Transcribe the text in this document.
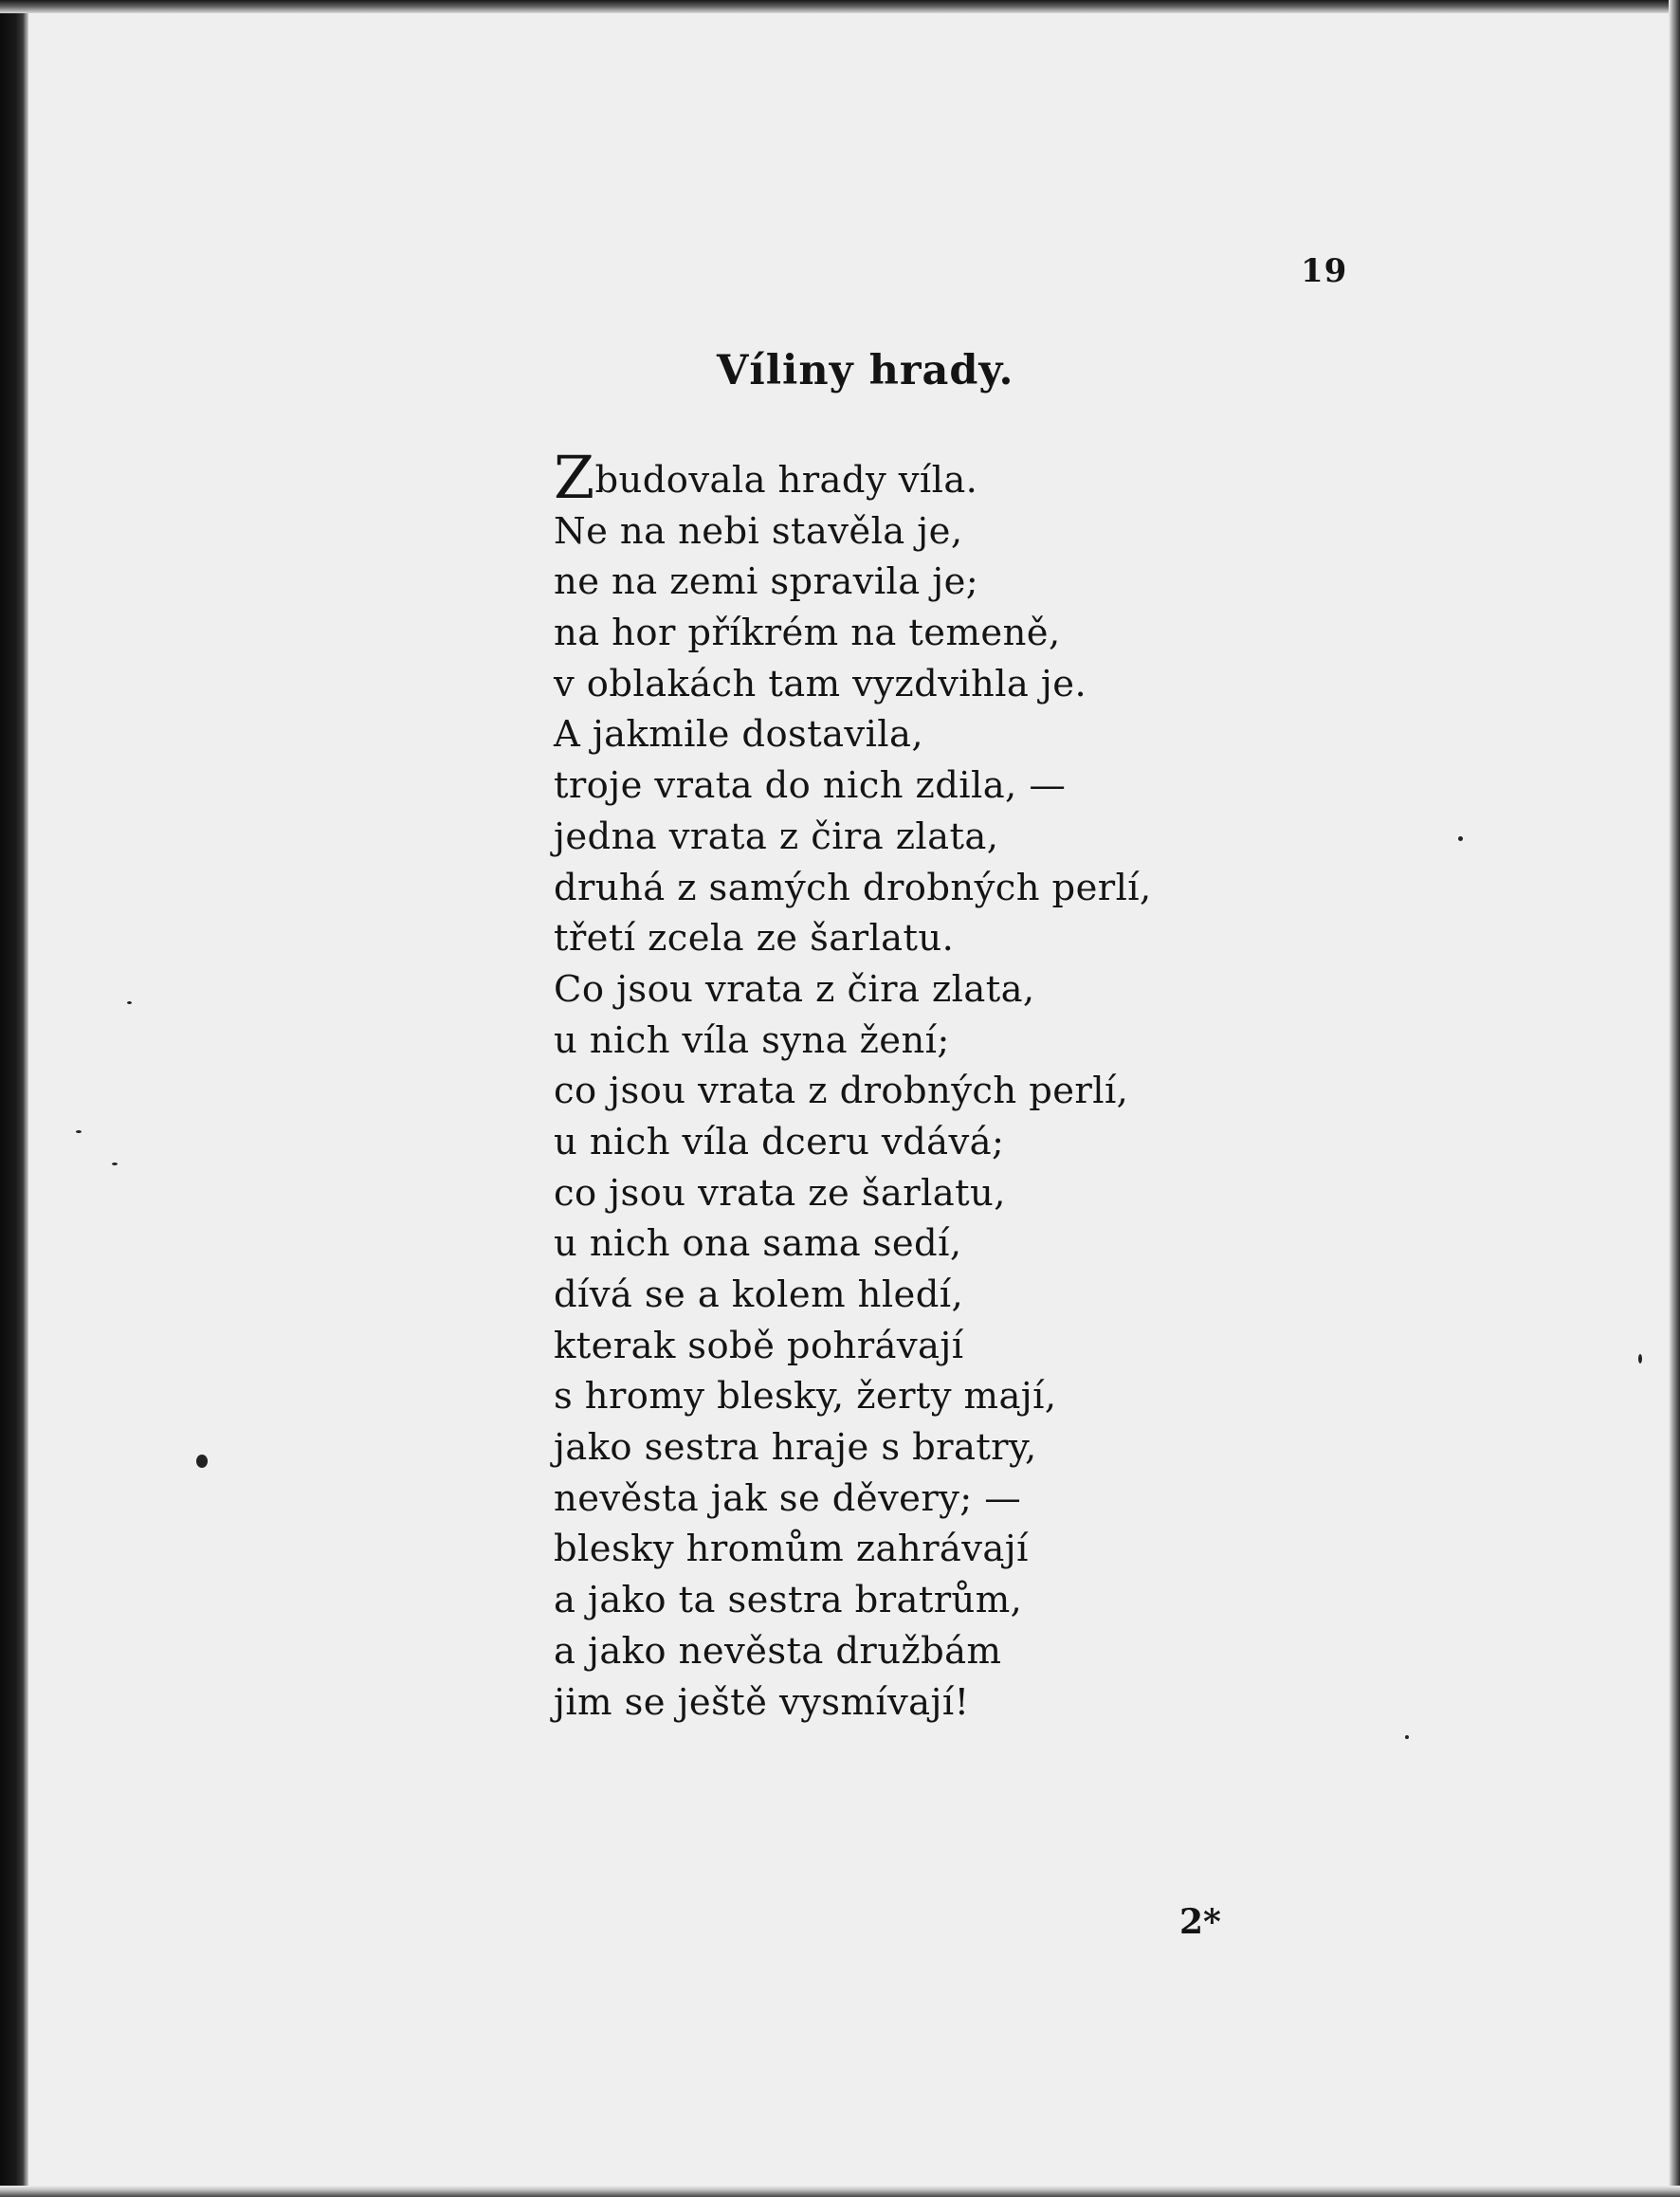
19
Víliny hrady.
Zbudovala hrady víla.
Ne na nebi stavěla je,
ne na zemi spravila je;
na hor příkrém na temeně,
v oblakách tam vyzdvihla je.
A jakmile dostavila,
troje vrata do nich zdila, —
jedna vrata z čira zlata,
druhá z samých drobných perlí,
třetí zcela ze šarlatu.
Co jsou vrata z čira zlata,
u nich víla syna žení;
co jsou vrata z drobných perlí,
u nich víla dceru vdává;
co jsou vrata ze šarlatu,
u nich ona sama sedí,
dívá se a kolem hledí,
kterak sobě pohrávají
s hromy blesky, žerty mají,
jako sestra hraje s bratry,
nevěsta jak se děvery; —
blesky hromům zahrávají
a jako ta sestra bratrům,
a jako nevěsta družbám
jim se ještě vysmívají!
2*
